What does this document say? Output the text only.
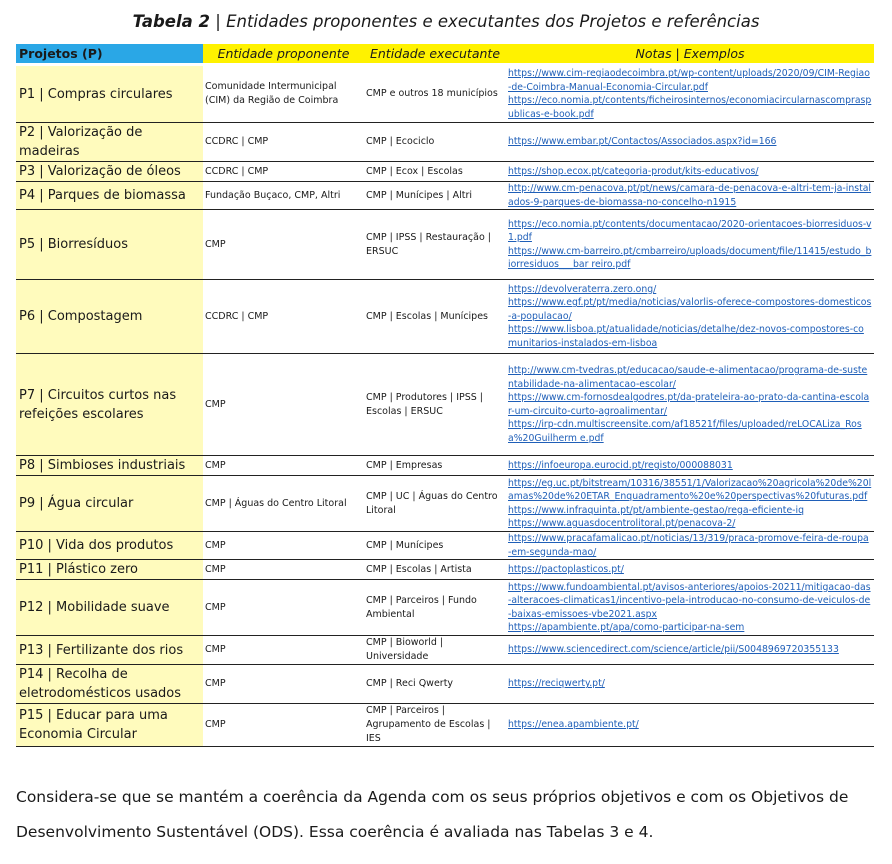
Tabela 2 | Entidades proponentes e executantes dos Projetos e referências
Projetos (P)	Entidade proponente	Entidade executante	Notas | Exemplos
P1 | Compras circulares	Comunidade Intermunicipal (CIM) da Região de Coimbra	CMP e outros 18 municípios	https://www.cim-regiaodecoimbra.pt/wp-content/uploads/2020/09/CIM-Regiao-de-Coimbra-Manual-Economia-Circular.pdf
https://eco.nomia.pt/contents/ficheirosinternos/economiacircularnascomprasp ublicas-e-book.pdf

P2 | Valorização de madeiras	CCDRC | CMP	CMP | Ecociclo	https://www.embar.pt/Contactos/Associados.aspx?id=166

P3 | Valorização de óleos	CCDRC | CMP	CMP | Ecox | Escolas	https://shop.ecox.pt/categoria-produt/kits-educativos/

P4 | Parques de biomassa	Fundação Buçaco, CMP, Altri	CMP | Munícipes | Altri	http://www.cm-penacova.pt/pt/news/camara-de-penacova-e-altri-tem-ja-instalados-9-parques-de-biomassa-no-concelho-n1915

P5 | Biorresíduos	CMP	CMP | IPSS | Restauração | ERSUC	https://eco.nomia.pt/contents/documentacao/2020-orientacoes-biorresiduos-v1.pdf
https://www.cm-barreiro.pt/cmbarreiro/uploads/document/file/11415/estudo_biorresiduos___bar reiro.pdf

P6 | Compostagem	CCDRC | CMP	CMP | Escolas | Munícipes	https://devolveraterra.zero.ong/
https://www.egf.pt/pt/media/noticias/valorlis-oferece-compostores-domesticos-a-populacao/
https://www.lisboa.pt/atualidade/noticias/detalhe/dez-novos-compostores-comunitarios-instalados-em-lisboa

P7 | Circuitos curtos nas refeições escolares	CMP	CMP | Produtores | IPSS | Escolas | ERSUC	http://www.cm-tvedras.pt/educacao/saude-e-alimentacao/programa-de-sustentabilidade-na-alimentacao-escolar/
https://www.cm-fornosdealgodres.pt/da-prateleira-ao-prato-da-cantina-escolar-um-circuito-curto-agroalimentar/
https://irp-cdn.multiscreensite.com/af18521f/files/uploaded/reLOCALiza_Rosa%20Guilherm e.pdf

P8 | Simbioses industriais	CMP	CMP | Empresas	https://infoeuropa.eurocid.pt/registo/000088031

P9 | Água circular	CMP | Águas do Centro Litoral	CMP | UC | Águas do Centro Litoral	https://eg.uc.pt/bitstream/10316/38551/1/Valorizacao%20agricola%20de%20lamas%20de%20ETAR_Enquadramento%20e%20perspectivas%20futuras.pdf
https://www.infraquinta.pt/pt/ambiente-gestao/rega-eficiente-iq
https://www.aguasdocentrolitoral.pt/penacova-2/

P10 | Vida dos produtos	CMP	CMP | Munícipes	https://www.pracafamalicao.pt/noticias/13/319/praca-promove-feira-de-roupa-em-segunda-mao/

P11 | Plástico zero	CMP	CMP | Escolas | Artista	https://pactoplasticos.pt/

P12 | Mobilidade suave	CMP	CMP | Parceiros | Fundo Ambiental	https://www.fundoambiental.pt/avisos-anteriores/apoios-20211/mitigacao-das-alteracoes-climaticas1/incentivo-pela-introducao-no-consumo-de-veiculos-de-baixas-emissoes-vbe2021.aspx
https://apambiente.pt/apa/como-participar-na-sem

P13 | Fertilizante dos rios	CMP	CMP | Bioworld | Universidade	https://www.sciencedirect.com/science/article/pii/S0048969720355133

P14 | Recolha de eletrodomésticos usados	CMP	CMP | Reci Qwerty	https://reciqwerty.pt/

P15 | Educar para uma Economia Circular	CMP	CMP | Parceiros | Agrupamento de Escolas | IES	https://enea.apambiente.pt/
Considera-se que se mantém a coerência da Agenda com os seus próprios objetivos e com os Objetivos de Desenvolvimento Sustentável (ODS). Essa coerência é avaliada nas Tabelas 3 e 4.
